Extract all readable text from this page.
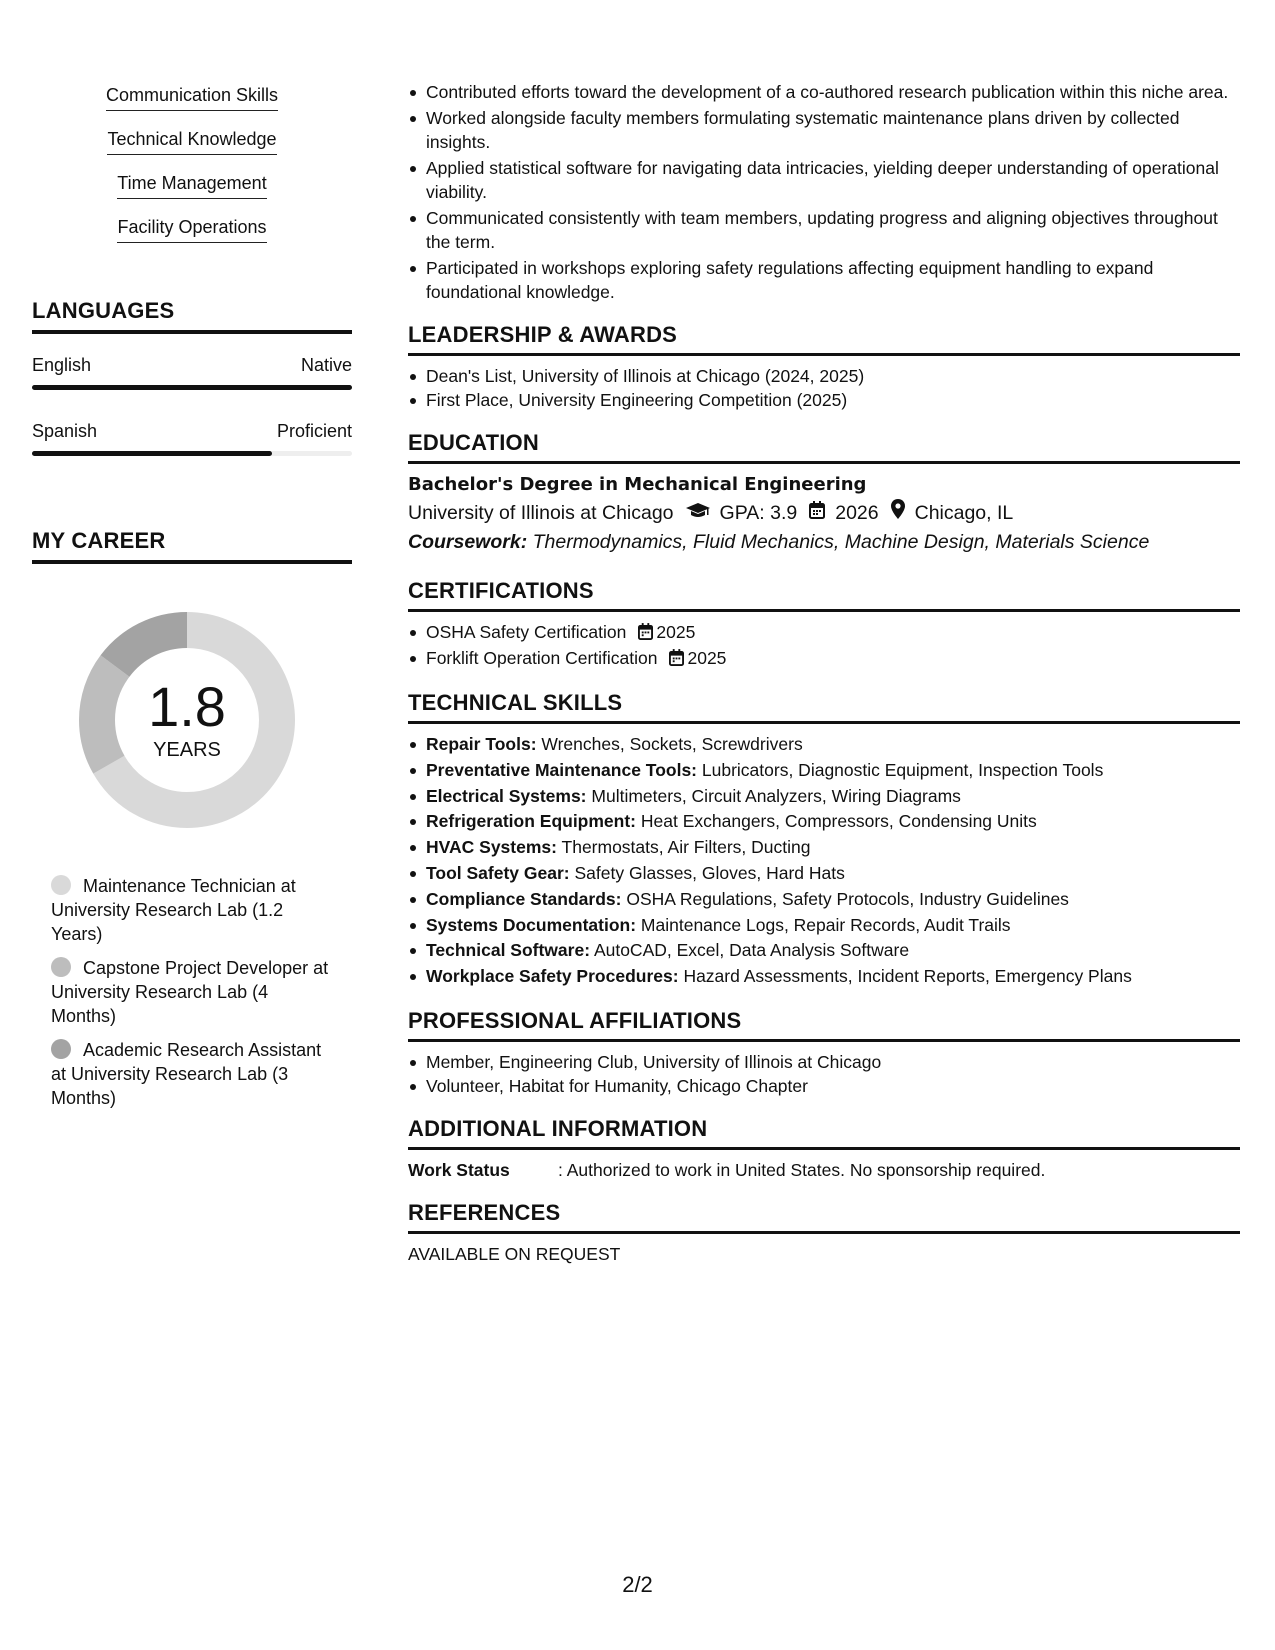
Communication Skills
Technical Knowledge
Time Management
Facility Operations
LANGUAGES
English	Native
Spanish	Proficient
MY CAREER
1.8
YEARS
Maintenance Technician at University Research Lab (1.2 Years)
Capstone Project Developer at University Research Lab (4 Months)
Academic Research Assistant at University Research Lab (3 Months)
Contributed efforts toward the development of a co-authored research publication within this niche area.
Worked alongside faculty members formulating systematic maintenance plans driven by collected insights.
Applied statistical software for navigating data intricacies, yielding deeper understanding of operational viability.
Communicated consistently with team members, updating progress and aligning objectives throughout the term.
Participated in workshops exploring safety regulations affecting equipment handling to expand foundational knowledge.
LEADERSHIP & AWARDS
Dean's List, University of Illinois at Chicago (2024, 2025)
First Place, University Engineering Competition (2025)
EDUCATION
Bachelor's Degree in Mechanical Engineering
University of Illinois at Chicago GPA: 3.9 2026 Chicago, IL
Coursework: Thermodynamics, Fluid Mechanics, Machine Design, Materials Science
CERTIFICATIONS
OSHA Safety Certification 2025
Forklift Operation Certification 2025
TECHNICAL SKILLS
Repair Tools: Wrenches, Sockets, Screwdrivers
Preventative Maintenance Tools: Lubricators, Diagnostic Equipment, Inspection Tools
Electrical Systems: Multimeters, Circuit Analyzers, Wiring Diagrams
Refrigeration Equipment: Heat Exchangers, Compressors, Condensing Units
HVAC Systems: Thermostats, Air Filters, Ducting
Tool Safety Gear: Safety Glasses, Gloves, Hard Hats
Compliance Standards: OSHA Regulations, Safety Protocols, Industry Guidelines
Systems Documentation: Maintenance Logs, Repair Records, Audit Trails
Technical Software: AutoCAD, Excel, Data Analysis Software
Workplace Safety Procedures: Hazard Assessments, Incident Reports, Emergency Plans
PROFESSIONAL AFFILIATIONS
Member, Engineering Club, University of Illinois at Chicago
Volunteer, Habitat for Humanity, Chicago Chapter
ADDITIONAL INFORMATION
Work Status	: Authorized to work in United States. No sponsorship required.
REFERENCES
AVAILABLE ON REQUEST
2/2
